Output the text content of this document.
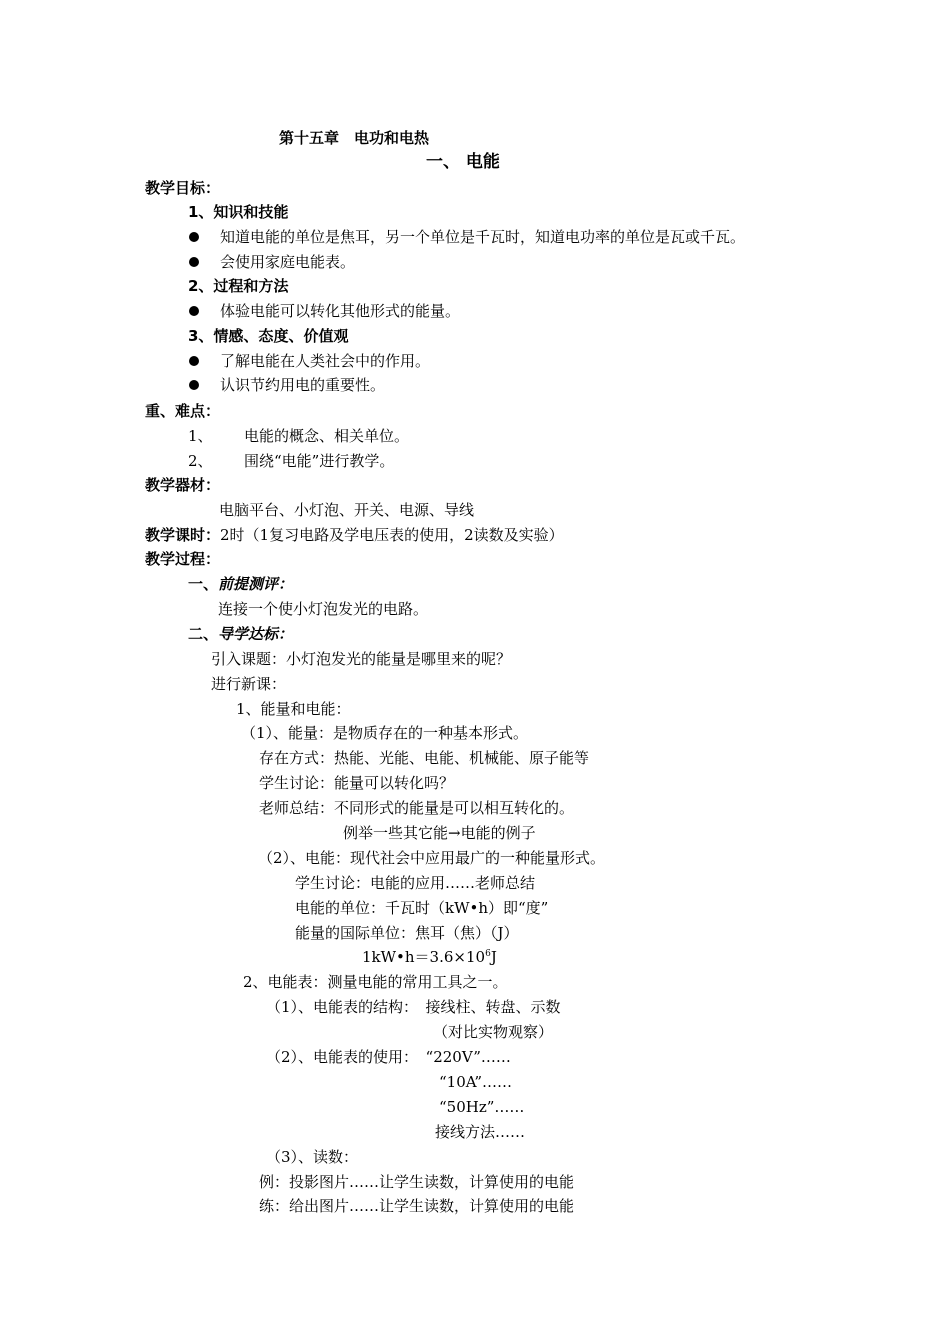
第十五章　电功和电热
一、 电能
教学目标：
1、知识和技能
知道电能的单位是焦耳，另一个单位是千瓦时，知道电功率的单位是瓦或千瓦。
会使用家庭电能表。
2、过程和方法
体验电能可以转化其他形式的能量。
3、情感、态度、价值观
了解电能在人类社会中的作用。
认识节约用电的重要性。
重、难点：
1、 电能的概念、相关单位。
2、 围绕“电能”进行教学。
教学器材：
电脑平台、小灯泡、开关、电源、导线
教学课时：2时（1复习电路及学电压表的使用，2读数及实验）
教学过程：
一、前提测评：
连接一个使小灯泡发光的电路。
二、导学达标：
引入课题：小灯泡发光的能量是哪里来的呢？
进行新课：
1、能量和电能：
（1）、能量：是物质存在的一种基本形式。
存在方式：热能、光能、电能、机械能、原子能等
学生讨论：能量可以转化吗？
老师总结：不同形式的能量是可以相互转化的。
例举一些其它能→电能的例子
（2）、电能：现代社会中应用最广的一种能量形式。
学生讨论：电能的应用……老师总结
电能的单位：千瓦时（kW•h）即“度”
能量的国际单位：焦耳（焦）（J）
$1kW•h=3.6\times 10^6J$
2、电能表：测量电能的常用工具之一。
（1）、电能表的结构：　接线柱、转盘、示数
（对比实物观察）
（2）、电能表的使用：　“220V”……
“10A”……
“50Hz”……
接线方法……
（3）、读数：
例：投影图片……让学生读数，计算使用的电能
练：给出图片……让学生读数，计算使用的电能
